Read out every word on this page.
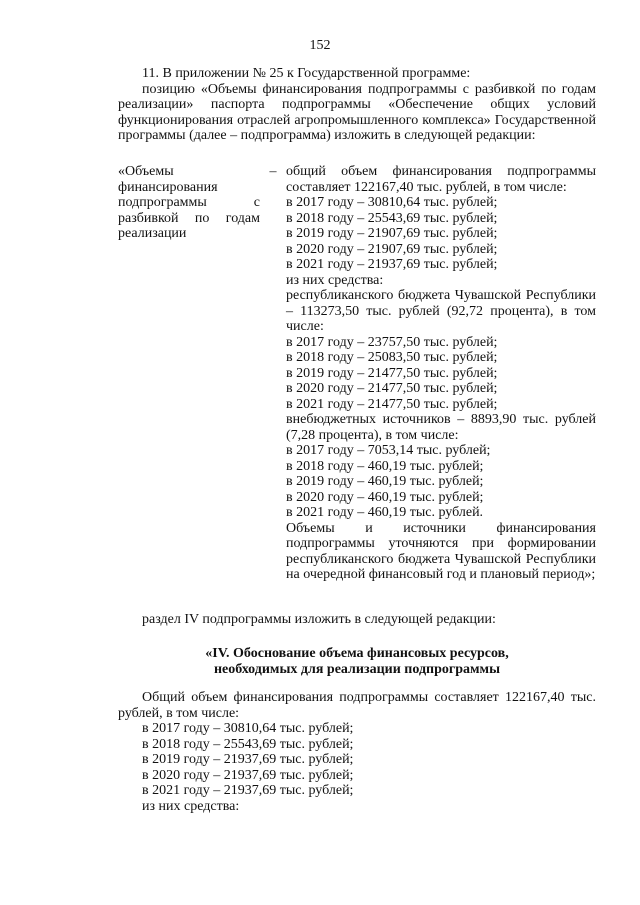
152

11. В приложении № 25 к Государственной программе:

позицию «Объемы финансирования подпрограммы с разбивкой по годам реализации» паспорта подпрограммы «Обеспечение общих условий функционирования отраслей агропромышленного комплекса» Государственной программы (далее – подпрограмма) изложить в следующей редакции:

«Объемы финансирования подпрограммы с разбивкой по годам реализации
– общий объем финансирования подпрограммы составляет 122167,40 тыс. рублей, в том числе:

в 2017 году – 30810,64 тыс. рублей;

в 2018 году – 25543,69 тыс. рублей;

в 2019 году – 21907,69 тыс. рублей;

в 2020 году – 21907,69 тыс. рублей;

в 2021 году – 21937,69 тыс. рублей;

из них средства:

республиканского бюджета Чувашской Республики – 113273,50 тыс. рублей (92,72 процента), в том числе:

в 2017 году – 23757,50 тыс. рублей;

в 2018 году – 25083,50 тыс. рублей;

в 2019 году – 21477,50 тыс. рублей;

в 2020 году – 21477,50 тыс. рублей;

в 2021 году – 21477,50 тыс. рублей;

внебюджетных источников – 8893,90 тыс. рублей (7,28 процента), в том числе:

в 2017 году – 7053,14 тыс. рублей;

в 2018 году – 460,19 тыс. рублей;

в 2019 году – 460,19 тыс. рублей;

в 2020 году – 460,19 тыс. рублей;

в 2021 году – 460,19 тыс. рублей.

Объемы и источники финансирования подпрограммы уточняются при формировании республиканского бюджета Чувашской Республики на очередной финансовый год и плановый период»;

раздел IV подпрограммы изложить в следующей редакции:
«IV. Обоснование объема финансовых ресурсов,
необходимых для реализации подпрограммы

Общий объем финансирования подпрограммы составляет 122167,40 тыс. рублей, в том числе:

в 2017 году – 30810,64 тыс. рублей;

в 2018 году – 25543,69 тыс. рублей;

в 2019 году – 21937,69 тыс. рублей;

в 2020 году – 21937,69 тыс. рублей;

в 2021 году – 21937,69 тыс. рублей;

из них средства:
